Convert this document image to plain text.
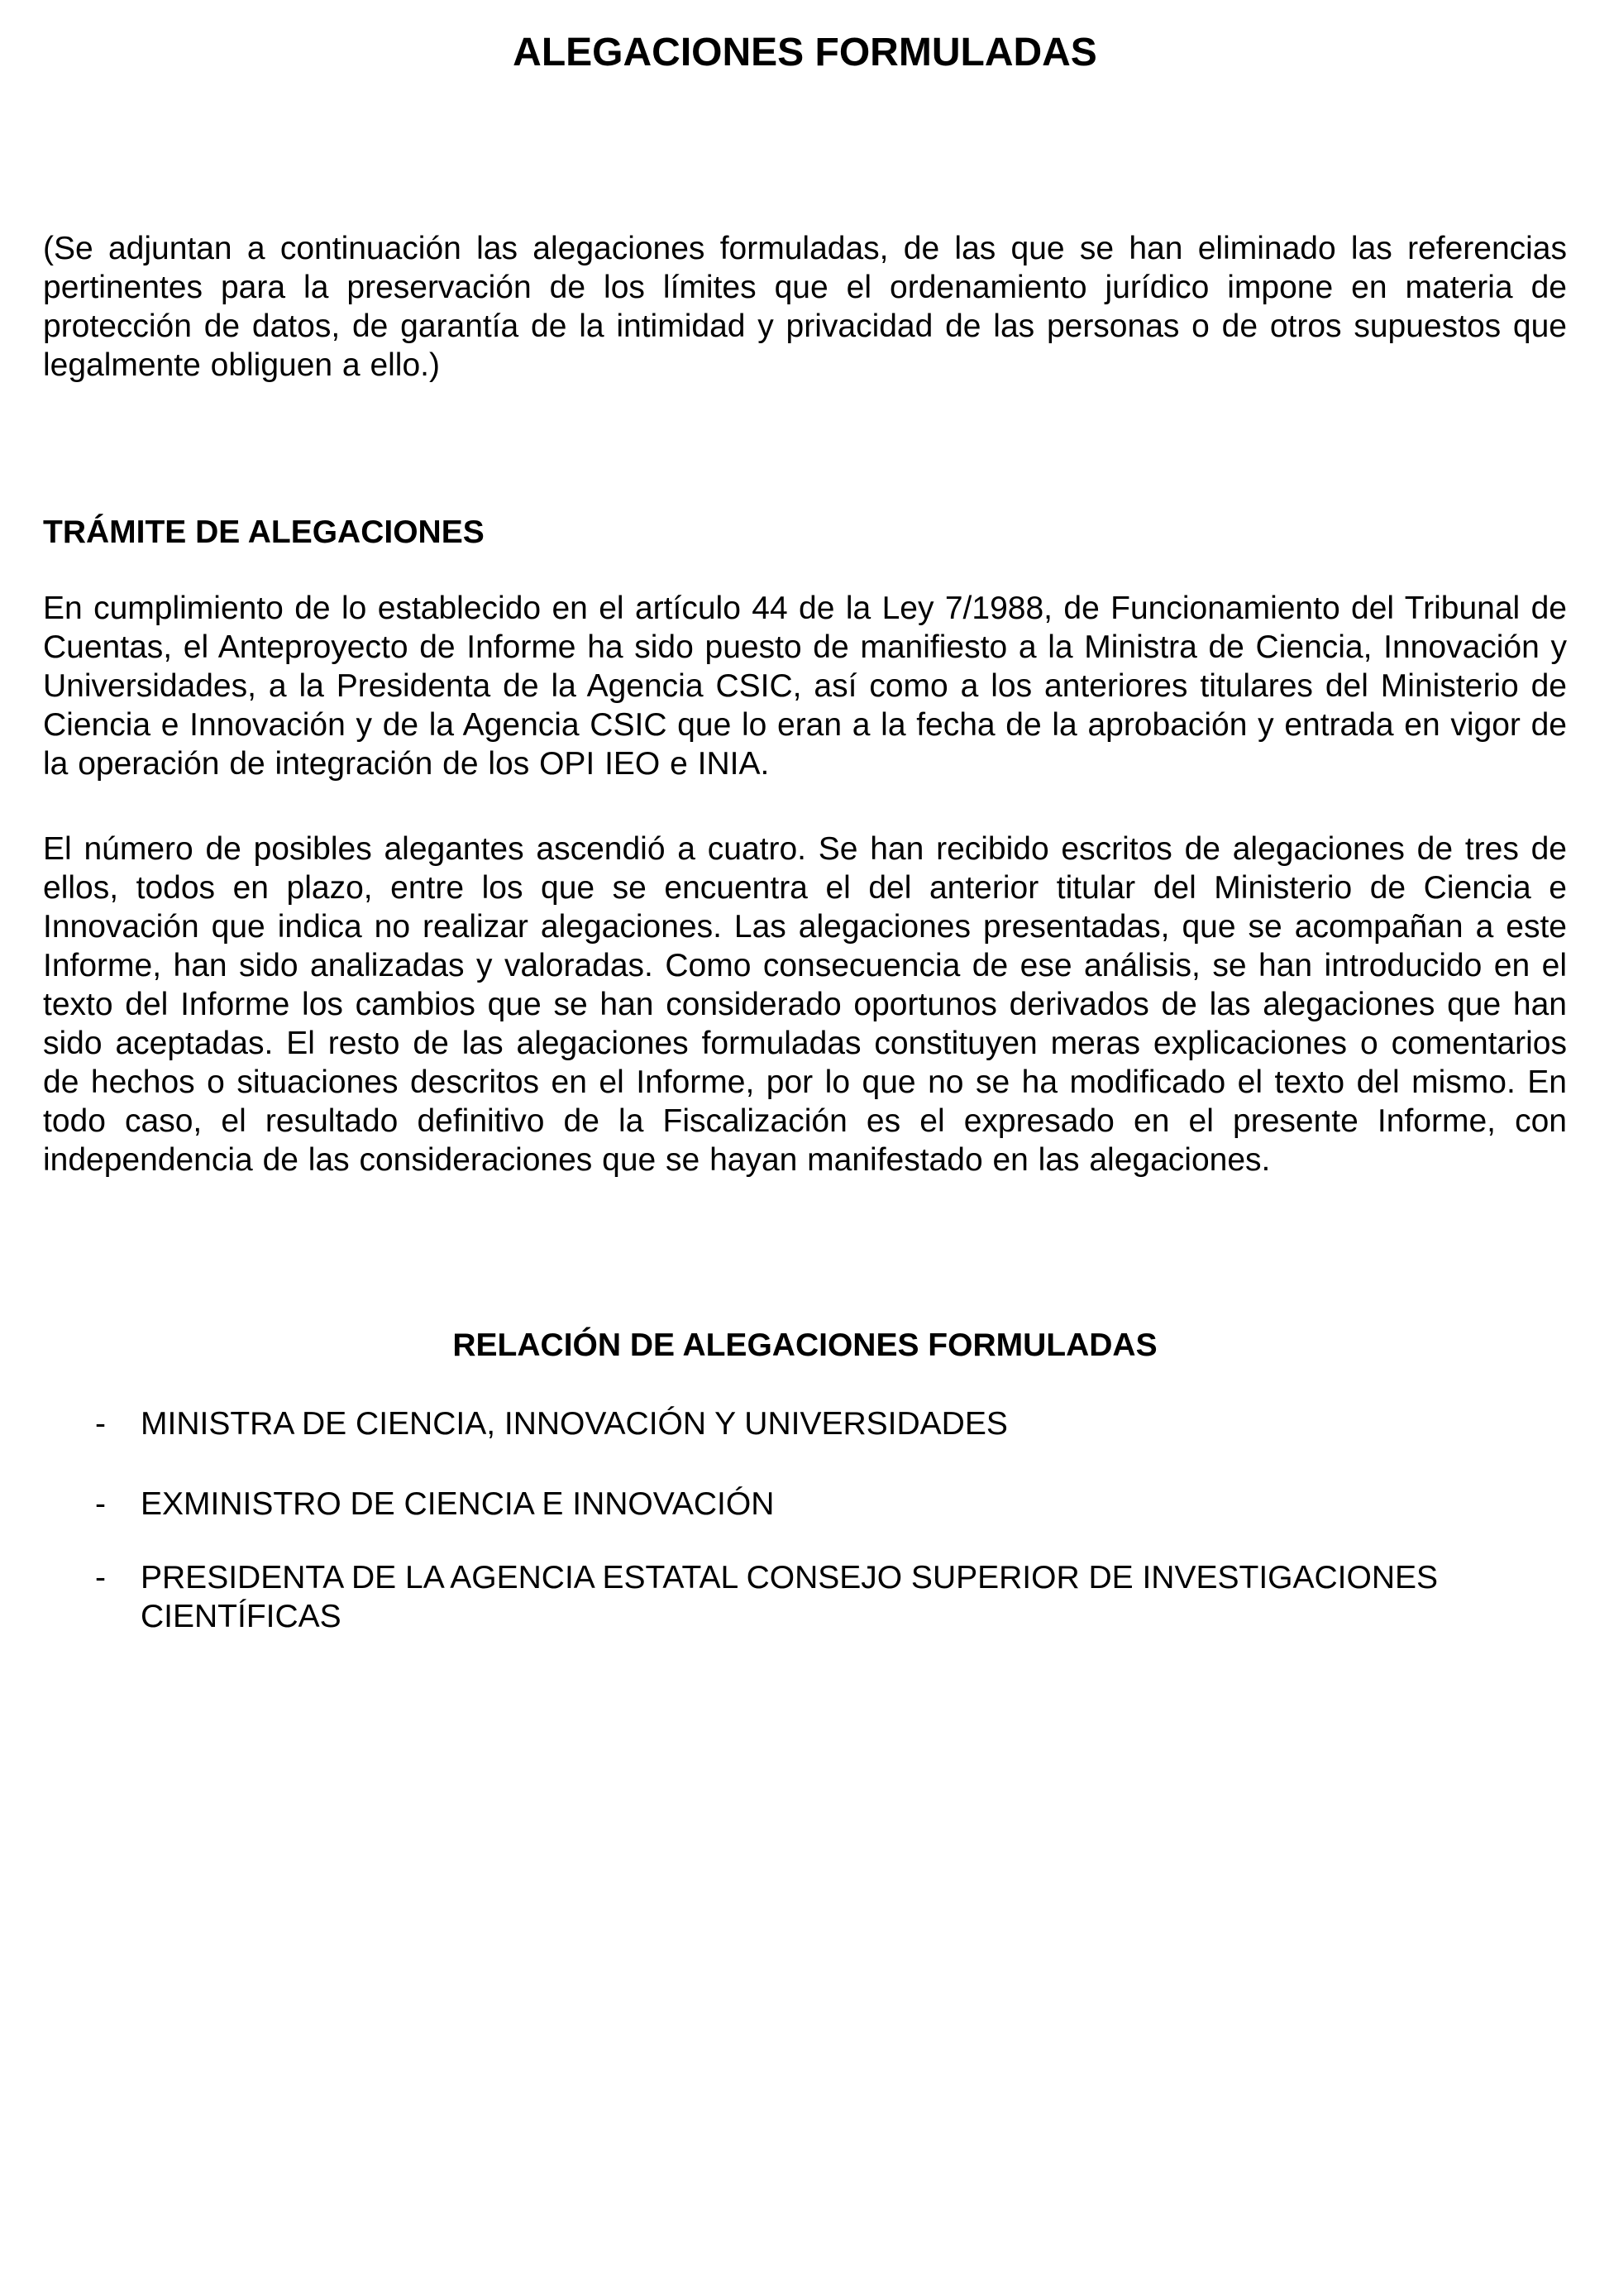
ALEGACIONES FORMULADAS

(Se adjuntan a continuación las alegaciones formuladas, de las que se han eliminado las referencias pertinentes para la preservación de los límites que el ordenamiento jurídico impone en materia de protección de datos, de garantía de la intimidad y privacidad de las personas o de otros supuestos que legalmente obliguen a ello.)

TRÁMITE DE ALEGACIONES

En cumplimiento de lo establecido en el artículo 44 de la Ley 7/1988, de Funcionamiento del Tribunal de Cuentas, el Anteproyecto de Informe ha sido puesto de manifiesto a la Ministra de Ciencia, Innovación y Universidades, a la Presidenta de la Agencia CSIC, así como a los anteriores titulares del Ministerio de Ciencia e Innovación y de la Agencia CSIC que lo eran a la fecha de la aprobación y entrada en vigor de la operación de integración de los OPI IEO e INIA.

El número de posibles alegantes ascendió a cuatro. Se han recibido escritos de alegaciones de tres de ellos, todos en plazo, entre los que se encuentra el del anterior titular del Ministerio de Ciencia e Innovación que indica no realizar alegaciones. Las alegaciones presentadas, que se acompañan a este Informe, han sido analizadas y valoradas. Como consecuencia de ese análisis, se han introducido en el texto del Informe los cambios que se han considerado oportunos derivados de las alegaciones que han sido aceptadas. El resto de las alegaciones formuladas constituyen meras explicaciones o comentarios de hechos o situaciones descritos en el Informe, por lo que no se ha modificado el texto del mismo. En todo caso, el resultado definitivo de la Fiscalización es el expresado en el presente Informe, con independencia de las consideraciones que se hayan manifestado en las alegaciones.

RELACIÓN DE ALEGACIONES FORMULADAS
-	MINISTRA DE CIENCIA, INNOVACIÓN Y UNIVERSIDADES
-	EXMINISTRO DE CIENCIA E INNOVACIÓN
-	PRESIDENTA DE LA AGENCIA ESTATAL CONSEJO SUPERIOR DE INVESTIGACIONES CIENTÍFICAS
